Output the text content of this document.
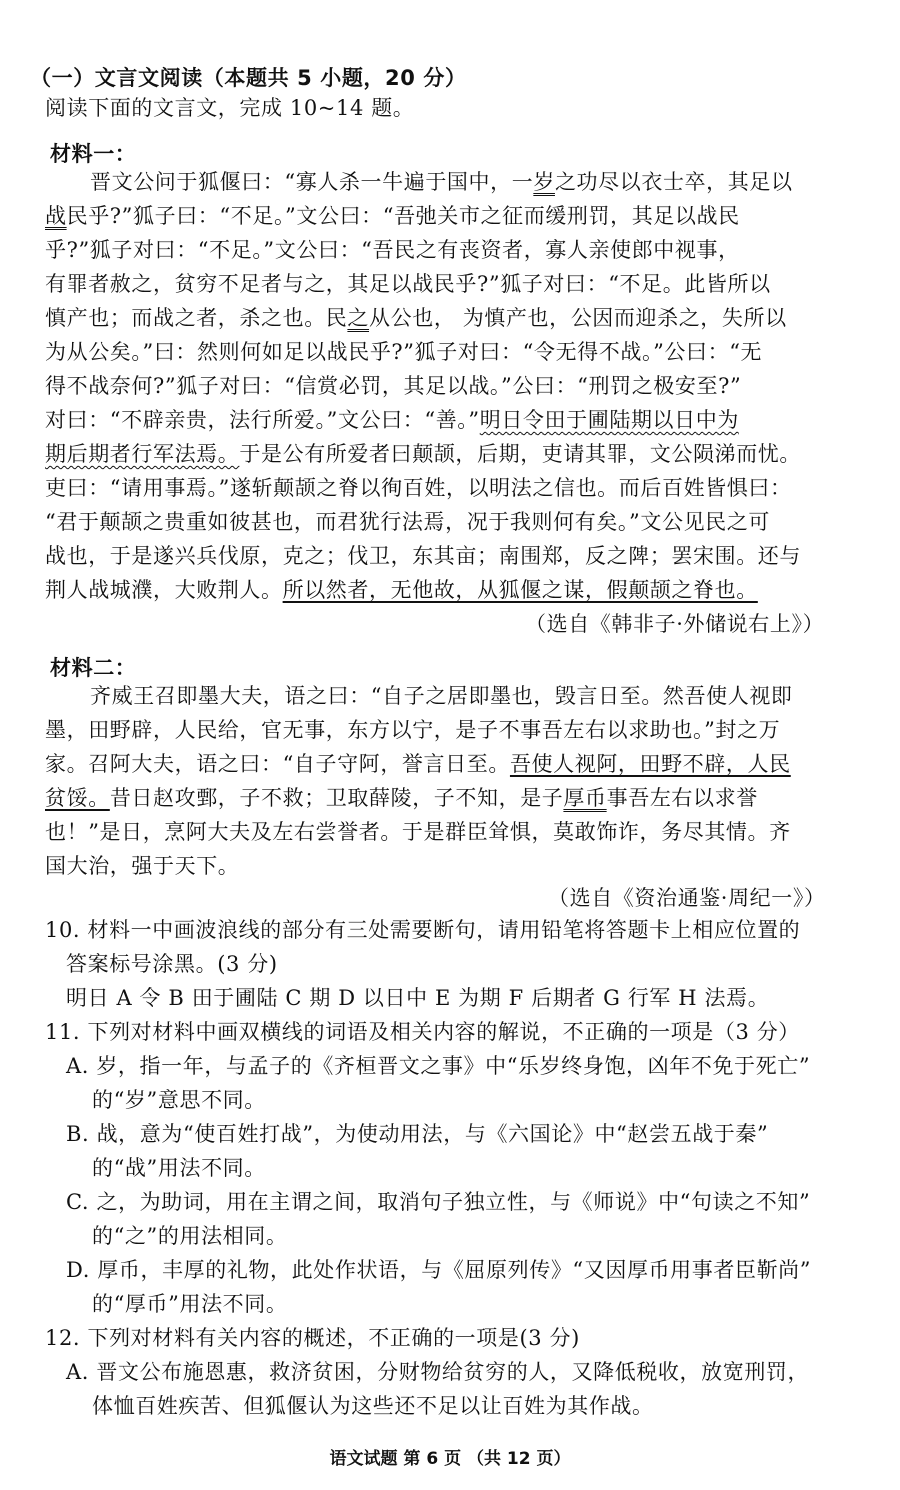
（一）文言文阅读（本题共 5 小题，20 分）
阅读下面的文言文，完成 10~14 题。
材料一：
晋文公问于狐偃曰：“寡人杀一牛遍于国中，一岁之功尽以衣士卒，其足以
战民乎?”狐子曰：“不足。”文公曰：“吾弛关市之征而缓刑罚，其足以战民
乎?”狐子对曰：“不足。”文公曰：“吾民之有丧资者，寡人亲使郎中视事，
有罪者赦之，贫穷不足者与之，其足以战民乎?”狐子对曰：“不足。此皆所以
慎产也；而战之者，杀之也。民之从公也， 为慎产也，公因而迎杀之，失所以
为从公矣。”曰：然则何如足以战民乎?”狐子对曰：“令无得不战。”公曰：“无
得不战奈何?”狐子对曰：“信赏必罚，其足以战。”公曰：“刑罚之极安至?”
对曰：“不辟亲贵，法行所爱。”文公曰：“善。”明日令田于圃陆期以日中为
期后期者行军法焉。于是公有所爱者曰颠颉，后期，吏请其罪，文公陨涕而忧。
吏曰：“请用事焉。”遂斩颠颉之脊以徇百姓，以明法之信也。而后百姓皆惧曰：
“君于颠颉之贵重如彼甚也，而君犹行法焉，况于我则何有矣。”文公见民之可
战也，于是遂兴兵伐原，克之；伐卫，东其亩；南围郑，反之陴；罢宋围。还与
荆人战城濮，大败荆人。所以然者，无他故，从狐偃之谋，假颠颉之脊也。
（选自《韩非子·外储说右上》）
材料二：
齐威王召即墨大夫，语之曰：“自子之居即墨也，毁言日至。然吾使人视即
墨，田野辟，人民给，官无事，东方以宁，是子不事吾左右以求助也。”封之万
家。召阿大夫，语之曰：“自子守阿，誉言日至。吾使人视阿，田野不辟，人民
贫馁。昔日赵攻鄄，子不救；卫取薛陵，子不知，是子厚币事吾左右以求誉
也！”是日，烹阿大夫及左右尝誉者。于是群臣耸惧，莫敢饰诈，务尽其情。齐
国大治，强于天下。
（选自《资治通鉴·周纪一》）
10. 材料一中画波浪线的部分有三处需要断句，请用铅笔将答题卡上相应位置的
答案标号涂黑。(3 分)
明日 A 令 B 田于圃陆 C 期 D 以日中 E 为期 F 后期者 G 行军 H 法焉。
11. 下列对材料中画双横线的词语及相关内容的解说，不正确的一项是（3 分）
A. 岁，指一年，与孟子的《齐桓晋文之事》中“乐岁终身饱，凶年不免于死亡”
的“岁”意思不同。
B. 战，意为“使百姓打战”，为使动用法，与《六国论》中“赵尝五战于秦”
的“战”用法不同。
C. 之，为助词，用在主谓之间，取消句子独立性，与《师说》中“句读之不知”
的“之”的用法相同。
D. 厚币，丰厚的礼物，此处作状语，与《屈原列传》“又因厚币用事者臣靳尚”
的“厚币”用法不同。
12. 下列对材料有关内容的概述，不正确的一项是(3 分)
A. 晋文公布施恩惠，救济贫困，分财物给贫穷的人，又降低税收，放宽刑罚，
体恤百姓疾苦、但狐偃认为这些还不足以让百姓为其作战。
语文试题 第 6 页 （共 12 页）
